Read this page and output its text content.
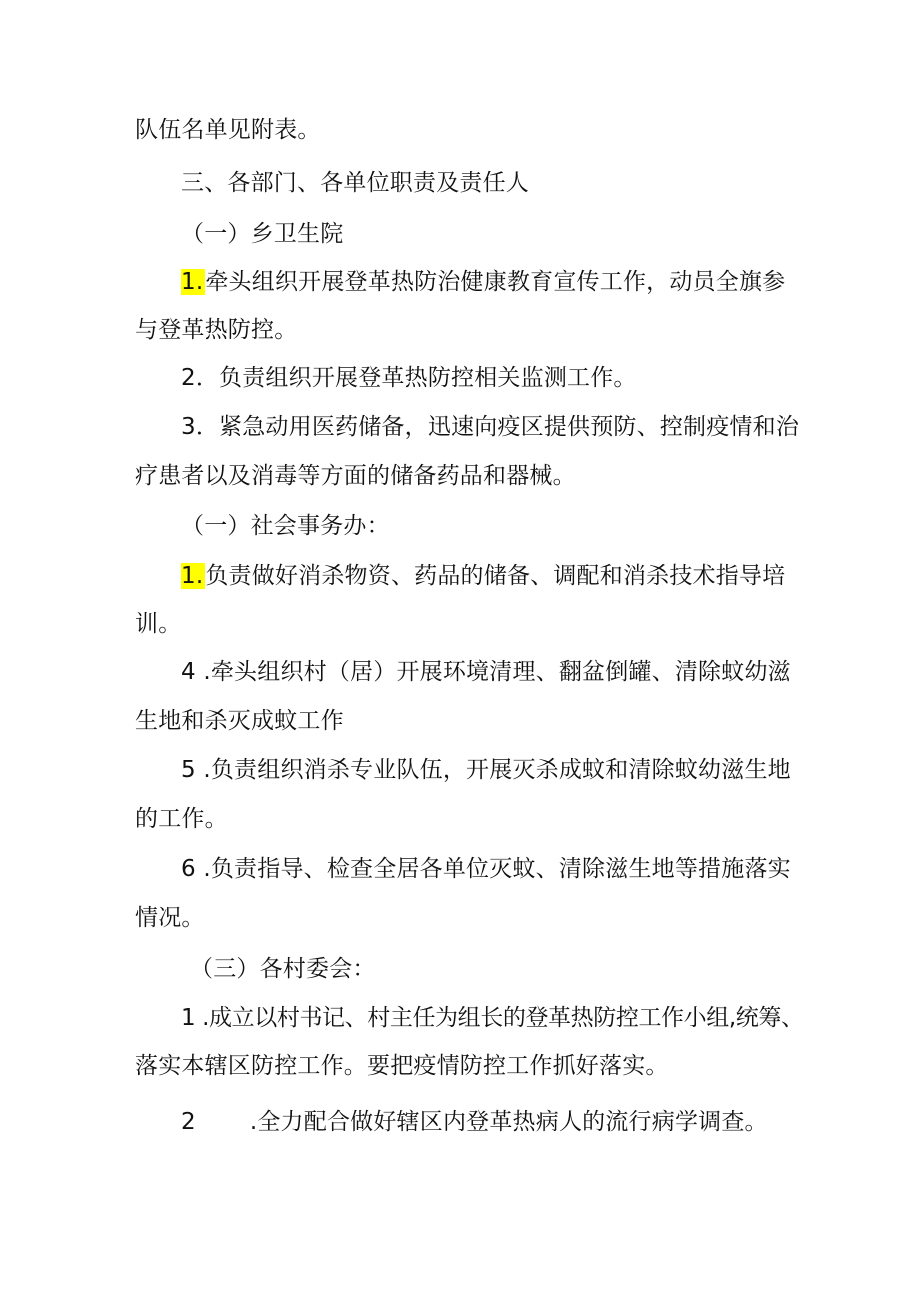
队伍名单见附表。
三、各部门、各单位职责及责任人
（一）乡卫生院
1.牵头组织开展登革热防治健康教育宣传工作，动员全旗参
与登革热防控。
2．负责组织开展登革热防控相关监测工作。
3．紧急动用医药储备，迅速向疫区提供预防、控制疫情和治
疗患者以及消毒等方面的储备药品和器械。
（一）社会事务办：
1.负责做好消杀物资、药品的储备、调配和消杀技术指导培
训。
4 .牵头组织村（居）开展环境清理、翻盆倒罐、清除蚊幼滋
生地和杀灭成蚊工作
5 .负责组织消杀专业队伍，开展灭杀成蚊和清除蚊幼滋生地
的工作。
6 .负责指导、检查全居各单位灭蚊、清除滋生地等措施落实
情况。
（三）各村委会：
1 .成立以村书记、村主任为组长的登革热防控工作小组,统筹、
落实本辖区防控工作。要把疫情防控工作抓好落实。
2 .全力配合做好辖区内登革热病人的流行病学调查。
